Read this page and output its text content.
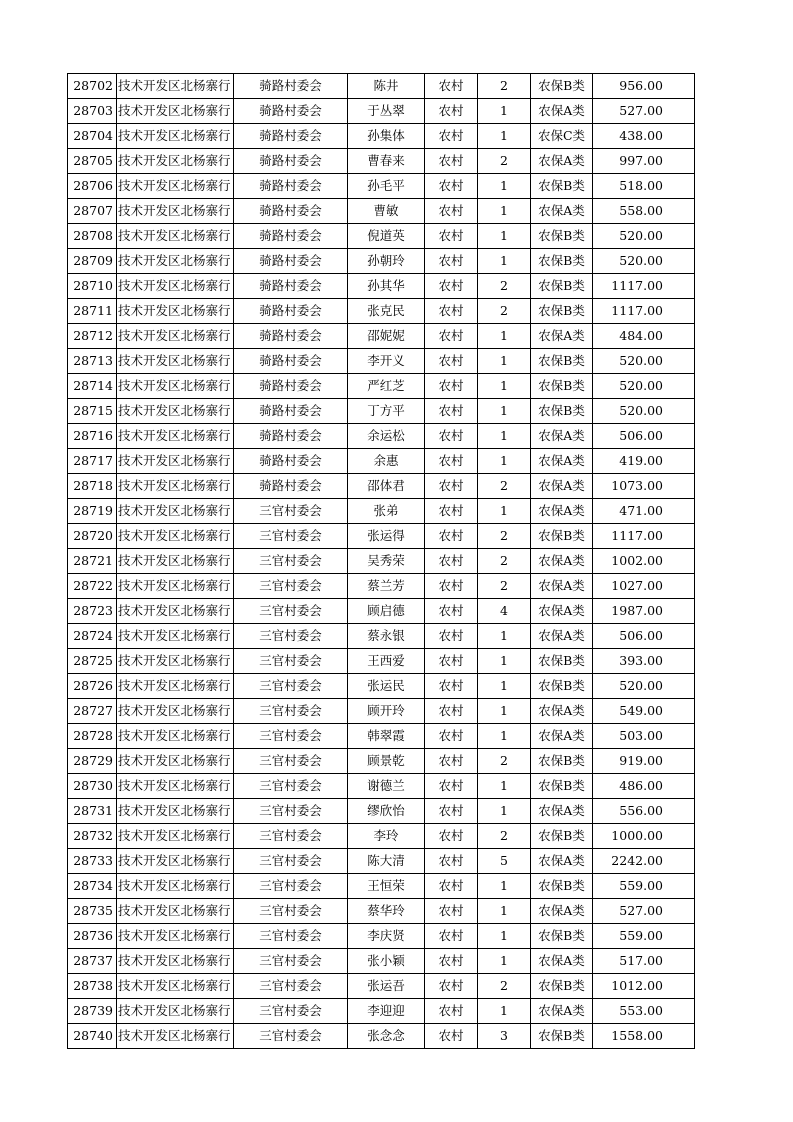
28702	技术开发区北杨寨行	骑路村委会	陈井	农村	2	农保B类	956.00
28703	技术开发区北杨寨行	骑路村委会	于丛翠	农村	1	农保A类	527.00
28704	技术开发区北杨寨行	骑路村委会	孙集体	农村	1	农保C类	438.00
28705	技术开发区北杨寨行	骑路村委会	曹春来	农村	2	农保A类	997.00
28706	技术开发区北杨寨行	骑路村委会	孙毛平	农村	1	农保B类	518.00
28707	技术开发区北杨寨行	骑路村委会	曹敏	农村	1	农保A类	558.00
28708	技术开发区北杨寨行	骑路村委会	倪道英	农村	1	农保B类	520.00
28709	技术开发区北杨寨行	骑路村委会	孙朝玲	农村	1	农保B类	520.00
28710	技术开发区北杨寨行	骑路村委会	孙其华	农村	2	农保B类	1117.00
28711	技术开发区北杨寨行	骑路村委会	张克民	农村	2	农保B类	1117.00
28712	技术开发区北杨寨行	骑路村委会	邵妮妮	农村	1	农保A类	484.00
28713	技术开发区北杨寨行	骑路村委会	李开义	农村	1	农保B类	520.00
28714	技术开发区北杨寨行	骑路村委会	严红芝	农村	1	农保B类	520.00
28715	技术开发区北杨寨行	骑路村委会	丁方平	农村	1	农保B类	520.00
28716	技术开发区北杨寨行	骑路村委会	余运松	农村	1	农保A类	506.00
28717	技术开发区北杨寨行	骑路村委会	余惠	农村	1	农保A类	419.00
28718	技术开发区北杨寨行	骑路村委会	邵体君	农村	2	农保A类	1073.00
28719	技术开发区北杨寨行	三官村委会	张弟	农村	1	农保A类	471.00
28720	技术开发区北杨寨行	三官村委会	张运得	农村	2	农保B类	1117.00
28721	技术开发区北杨寨行	三官村委会	吴秀荣	农村	2	农保A类	1002.00
28722	技术开发区北杨寨行	三官村委会	蔡兰芳	农村	2	农保A类	1027.00
28723	技术开发区北杨寨行	三官村委会	顾启德	农村	4	农保A类	1987.00
28724	技术开发区北杨寨行	三官村委会	蔡永银	农村	1	农保A类	506.00
28725	技术开发区北杨寨行	三官村委会	王西爱	农村	1	农保B类	393.00
28726	技术开发区北杨寨行	三官村委会	张运民	农村	1	农保B类	520.00
28727	技术开发区北杨寨行	三官村委会	顾开玲	农村	1	农保A类	549.00
28728	技术开发区北杨寨行	三官村委会	韩翠霞	农村	1	农保A类	503.00
28729	技术开发区北杨寨行	三官村委会	顾景乾	农村	2	农保B类	919.00
28730	技术开发区北杨寨行	三官村委会	谢德兰	农村	1	农保B类	486.00
28731	技术开发区北杨寨行	三官村委会	缪欣怡	农村	1	农保A类	556.00
28732	技术开发区北杨寨行	三官村委会	李玲	农村	2	农保B类	1000.00
28733	技术开发区北杨寨行	三官村委会	陈大清	农村	5	农保A类	2242.00
28734	技术开发区北杨寨行	三官村委会	王恒荣	农村	1	农保B类	559.00
28735	技术开发区北杨寨行	三官村委会	蔡华玲	农村	1	农保A类	527.00
28736	技术开发区北杨寨行	三官村委会	李庆贤	农村	1	农保B类	559.00
28737	技术开发区北杨寨行	三官村委会	张小颖	农村	1	农保A类	517.00
28738	技术开发区北杨寨行	三官村委会	张运吾	农村	2	农保B类	1012.00
28739	技术开发区北杨寨行	三官村委会	李迎迎	农村	1	农保A类	553.00
28740	技术开发区北杨寨行	三官村委会	张念念	农村	3	农保B类	1558.00
